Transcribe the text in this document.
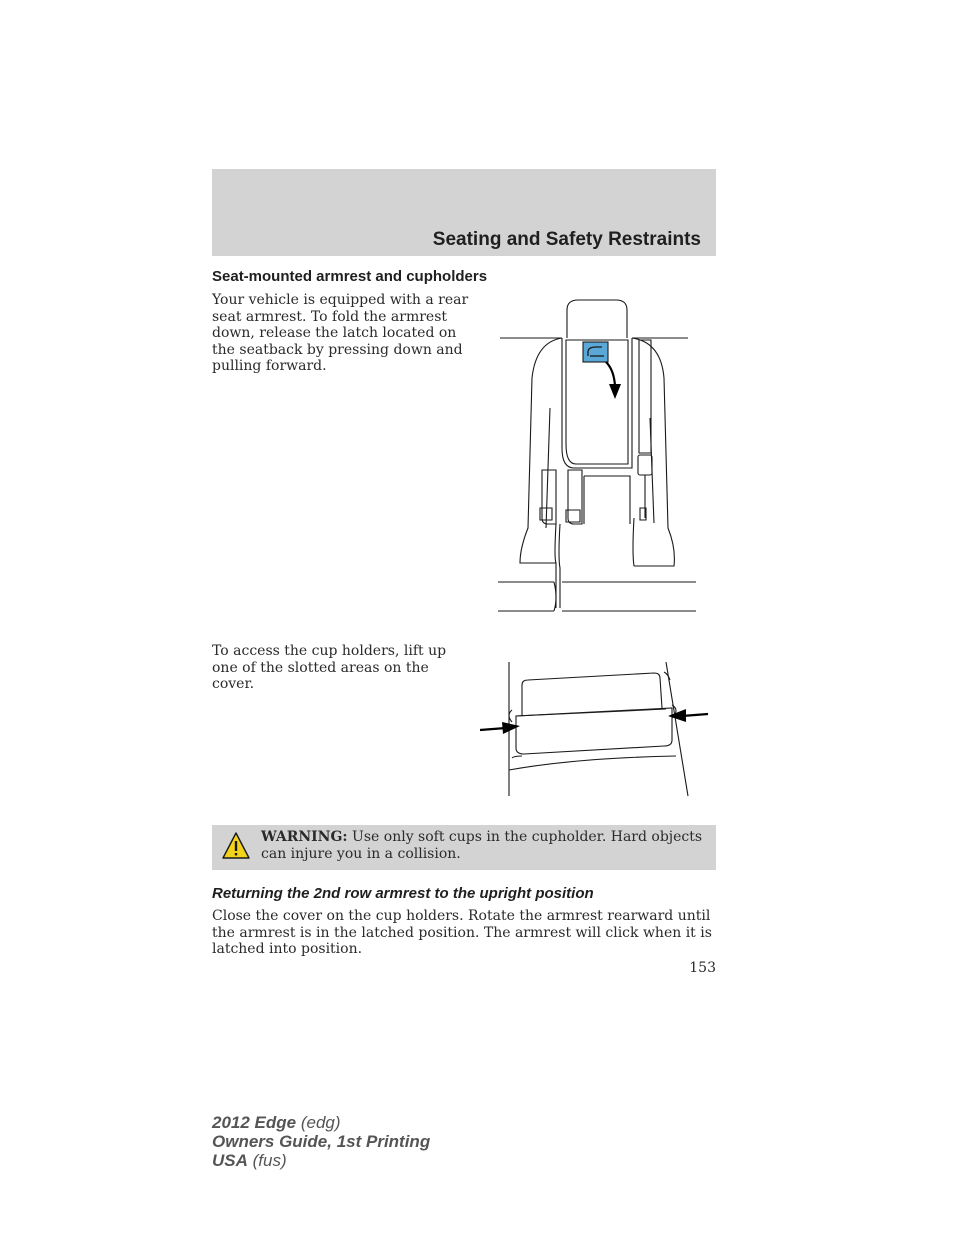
Seating and Safety Restraints
Seat-mounted armrest and cupholders
Your vehicle is equipped with a rear seat armrest. To fold the armrest down, release the latch located on the seatback by pressing down and pulling forward.
To access the cup holders, lift up one of the slotted areas on the cover.
WARNING: Use only soft cups in the cupholder. Hard objects can injure you in a collision.
Returning the 2nd row armrest to the upright position
Close the cover on the cup holders. Rotate the armrest rearward until the armrest is in the latched position. The armrest will click when it is latched into position.
153
2012 Edge (edg)
Owners Guide, 1st Printing
USA (fus)
